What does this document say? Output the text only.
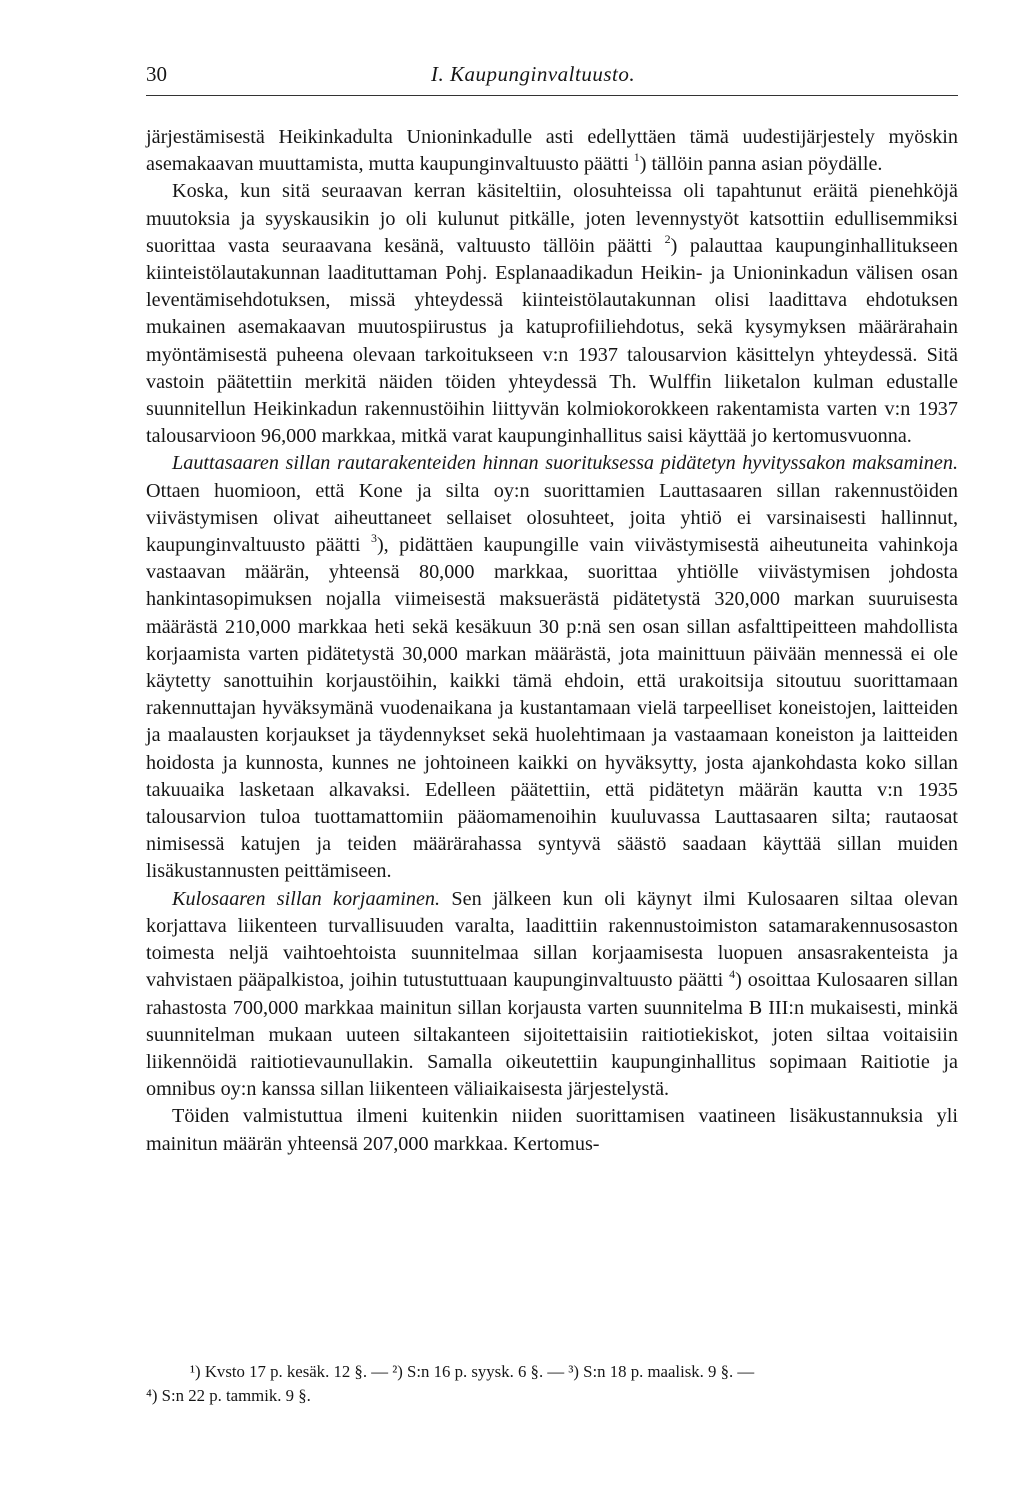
30	I. Kaupunginvaltuusto.

järjestämisestä Heikinkadulta Unioninkadulle asti edellyttäen tämä uudestijärjestely myöskin asemakaavan muuttamista, mutta kaupunginvaltuusto päätti $^1$) tällöin panna asian pöydälle.

Koska, kun sitä seuraavan kerran käsiteltiin, olosuhteissa oli tapahtunut eräitä pienehköjä muutoksia ja syyskausikin jo oli kulunut pitkälle, joten levennystyöt katsottiin edullisemmiksi suorittaa vasta seuraavana kesänä, valtuusto tällöin päätti $^2$) palauttaa kaupunginhallitukseen kiinteistölautakunnan laadituttaman Pohj. Esplanaadikadun Heikin- ja Unioninkadun välisen osan leventämisehdotuksen, missä yhteydessä kiinteistölautakunnan olisi laadittava ehdotuksen mukainen asemakaavan muutospiirustus ja katuprofiiliehdotus, sekä kysymyksen määrärahain myöntämisestä puheena olevaan tarkoitukseen v:n 1937 talousarvion käsittelyn yhteydessä. Sitä vastoin päätettiin merkitä näiden töiden yhteydessä Th. Wulffin liiketalon kulman edustalle suunnitellun Heikinkadun rakennustöihin liittyvän kolmiokorokkeen rakentamista varten v:n 1937 talousarvioon 96,000 markkaa, mitkä varat kaupunginhallitus saisi käyttää jo kertomusvuonna.

Lauttasaaren sillan rautarakenteiden hinnan suorituksessa pidätetyn hyvityssakon maksaminen. Ottaen huomioon, että Kone ja silta oy:n suorittamien Lauttasaaren sillan rakennustöiden viivästymisen olivat aiheuttaneet sellaiset olosuhteet, joita yhtiö ei varsinaisesti hallinnut, kaupunginvaltuusto päätti $^3$), pidättäen kaupungille vain viivästymisestä aiheutuneita vahinkoja vastaavan määrän, yhteensä 80,000 markkaa, suorittaa yhtiölle viivästymisen johdosta hankintasopimuksen nojalla viimeisestä maksuerästä pidätetystä 320,000 markan suuruisesta määrästä 210,000 markkaa heti sekä kesäkuun 30 p:nä sen osan sillan asfalttipeitteen mahdollista korjaamista varten pidätetystä 30,000 markan määrästä, jota mainittuun päivään mennessä ei ole käytetty sanottuihin korjaustöihin, kaikki tämä ehdoin, että urakoitsija sitoutuu suorittamaan rakennuttajan hyväksymänä vuodenaikana ja kustantamaan vielä tarpeelliset koneistojen, laitteiden ja maalausten korjaukset ja täydennykset sekä huolehtimaan ja vastaamaan koneiston ja laitteiden hoidosta ja kunnosta, kunnes ne johtoineen kaikki on hyväksytty, josta ajankohdasta koko sillan takuuaika lasketaan alkavaksi. Edelleen päätettiin, että pidätetyn määrän kautta v:n 1935 talousarvion tuloa tuottamattomiin pääomamenoihin kuuluvassa Lauttasaaren silta; rautaosat nimisessä katujen ja teiden määrärahassa syntyvä säästö saadaan käyttää sillan muiden lisäkustannusten peittämiseen.

Kulosaaren sillan korjaaminen. Sen jälkeen kun oli käynyt ilmi Kulosaaren siltaa olevan korjattava liikenteen turvallisuuden varalta, laadittiin rakennustoimiston satamarakennusosaston toimesta neljä vaihtoehtoista suunnitelmaa sillan korjaamisesta luopuen ansasrakenteista ja vahvistaen pääpalkistoa, joihin tutustuttuaan kaupunginvaltuusto päätti $^4$) osoittaa Kulosaaren sillan rahastosta 700,000 markkaa mainitun sillan korjausta varten suunnitelma B III:n mukaisesti, minkä suunnitelman mukaan uuteen siltakanteen sijoitettaisiin raitiotiekiskot, joten siltaa voitaisiin liikennöidä raitiotievaunullakin. Samalla oikeutettiin kaupunginhallitus sopimaan Raitiotie ja omnibus oy:n kanssa sillan liikenteen väliaikaisesta järjestelystä.

Töiden valmistuttua ilmeni kuitenkin niiden suorittamisen vaatineen lisäkustannuksia yli mainitun määrän yhteensä 207,000 markkaa. Kertomus-

¹) Kvsto 17 p. kesäk. 12 §. — ²) S:n 16 p. syysk. 6 §. — ³) S:n 18 p. maalisk. 9 §. —
⁴) S:n 22 p. tammik. 9 §.
